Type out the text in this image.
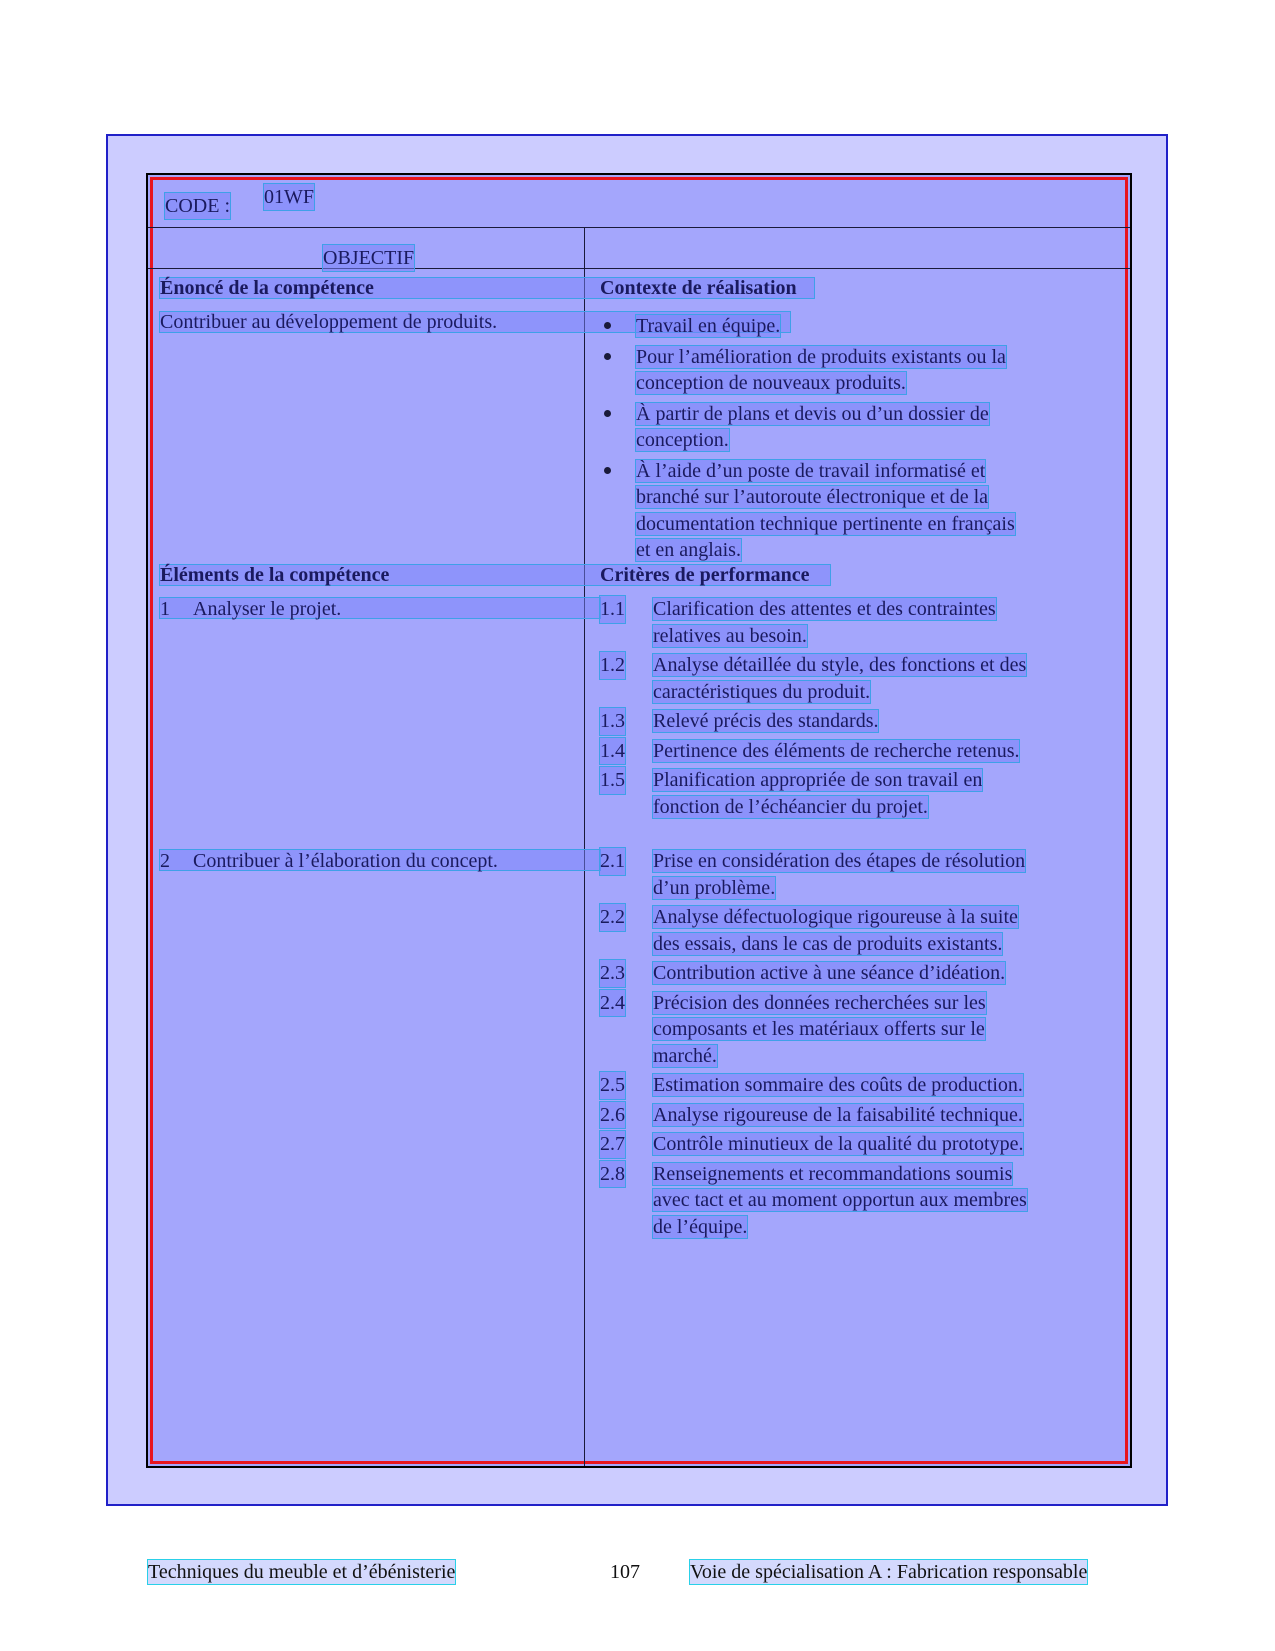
CODE : 01WF
OBJECTIF
Énoncé de la compétence
Contribuer au développement de produits.
Éléments de la compétence
1 Analyser le projet.
2 Contribuer à l’élaboration du concept.
Contexte de réalisation
Critères de performance
Travail en équipe.
Pour l’amélioration de produits existants ou la
conception de nouveaux produits.
À partir de plans et devis ou d’un dossier de
conception.
À l’aide d’un poste de travail informatisé et
branché sur l’autoroute électronique et de la
documentation technique pertinente en français
et en anglais.
1.1 Clarification des attentes et des contraintes
relatives au besoin.
1.2 Analyse détaillée du style, des fonctions et des
caractéristiques du produit.
1.3 Relevé précis des standards.
1.4 Pertinence des éléments de recherche retenus.
1.5 Planification appropriée de son travail en
fonction de l’échéancier du projet.
2.1 Prise en considération des étapes de résolution
d’un problème.
2.2 Analyse défectuologique rigoureuse à la suite
des essais, dans le cas de produits existants.
2.3 Contribution active à une séance d’idéation.
2.4 Précision des données recherchées sur les
composants et les matériaux offerts sur le
marché.
2.5 Estimation sommaire des coûts de production.
2.6 Analyse rigoureuse de la faisabilité technique.
2.7 Contrôle minutieux de la qualité du prototype.
2.8 Renseignements et recommandations soumis
avec tact et au moment opportun aux membres
de l’équipe.
Techniques du meuble et d’ébénisterie	107	Voie de spécialisation A : Fabrication responsable
